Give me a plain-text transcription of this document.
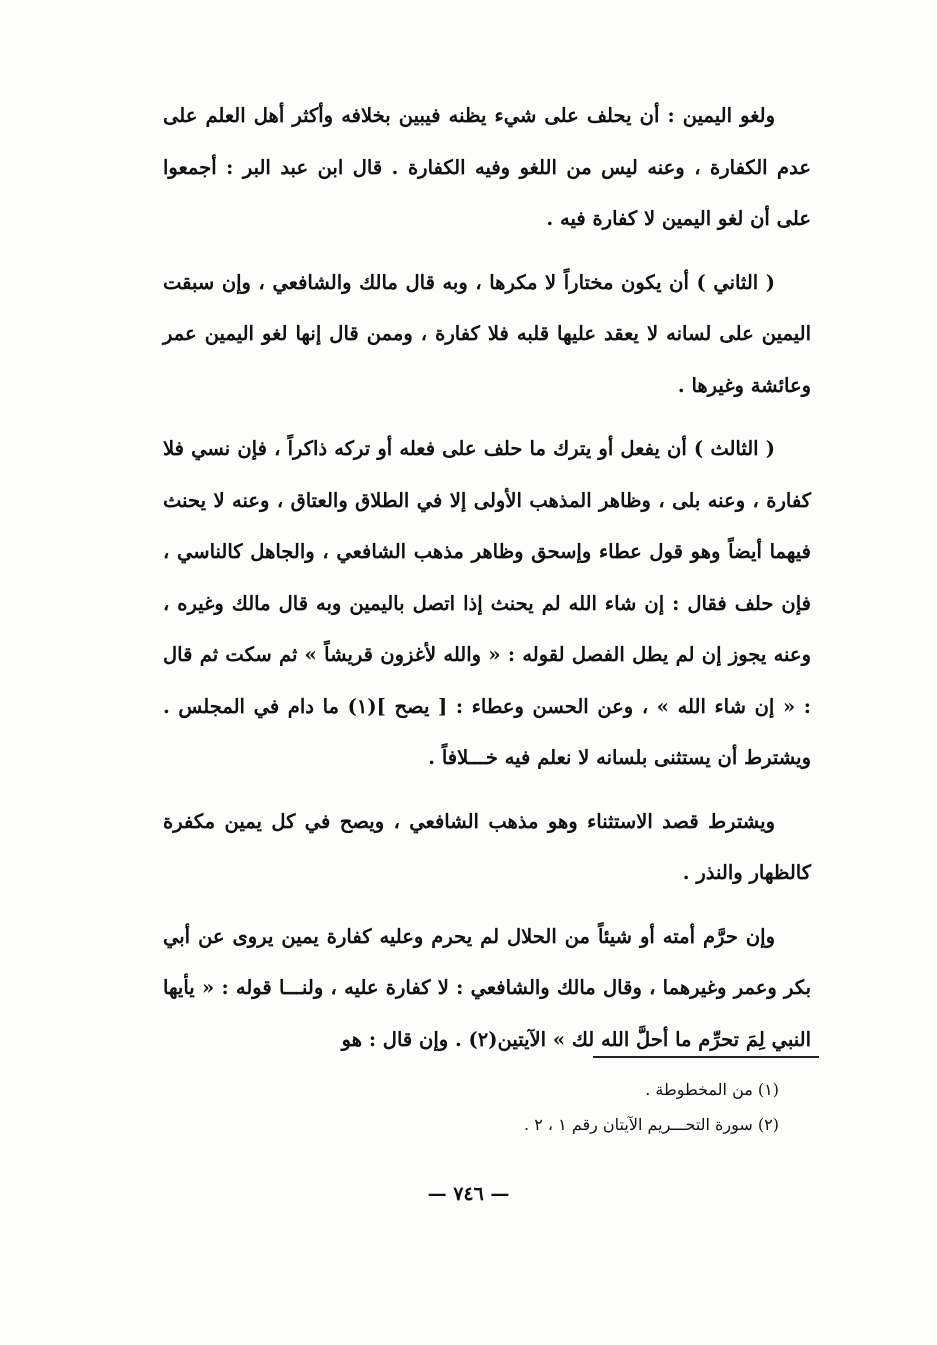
ولغو اليمين : أن يحلف على شيء يظنه فيبين بخلافه وأكثر أهل العلم على عدم الكفارة ، وعنه ليس من اللغو وفيه الكفارة . قال ابن عبد البر : أجمعوا على أن لغو اليمين لا كفارة فيه .

( الثاني ) أن يكون مختاراً لا مكرها ، وبه قال مالك والشافعي ، وإن سبقت اليمين على لسانه لا يعقد عليها قلبه فلا كفارة ، وممن قال إنها لغو اليمين عمر وعائشة وغيرها .

( الثالث ) أن يفعل أو يترك ما حلف على فعله أو تركه ذاكراً ، فإن نسي فلا كفارة ، وعنه بلى ، وظاهر المذهب الأولى إلا في الطلاق والعتاق ، وعنه لا يحنث فيهما أيضاً وهو قول عطاء وإسحق وظاهر مذهب الشافعي ، والجاهل كالناسي ، فإن حلف فقال : إن شاء الله لم يحنث إذا اتصل باليمين وبه قال مالك وغيره ، وعنه يجوز إن لم يطل الفصل لقوله : « والله لأغزون قريشاً » ثم سكت ثم قال : « إن شاء الله » ، وعن الحسن وعطاء : [ يصح ](١) ما دام في المجلس . ويشترط أن يستثنى بلسانه لا نعلم فيه خـــلافاً .

ويشترط قصد الاستثناء وهو مذهب الشافعي ، ويصح في كل يمين مكفرة كالظهار والنذر .

وإن حرَّم أمته أو شيئاً من الحلال لم يحرم وعليه كفارة يمين يروى عن أبي بكر وعمر وغيرهما ، وقال مالك والشافعي : لا كفارة عليه ، ولنـــا قوله : « يأيها النبي لِمَ تحرِّم ما أحلَّ الله لك » الآيتين(٢) . وإن قال : هو

(١) من المخطوطة .

(٢) سورة التحـــريم الآيتان رقم ١ ، ٢ .

— ٧٤٦ —
